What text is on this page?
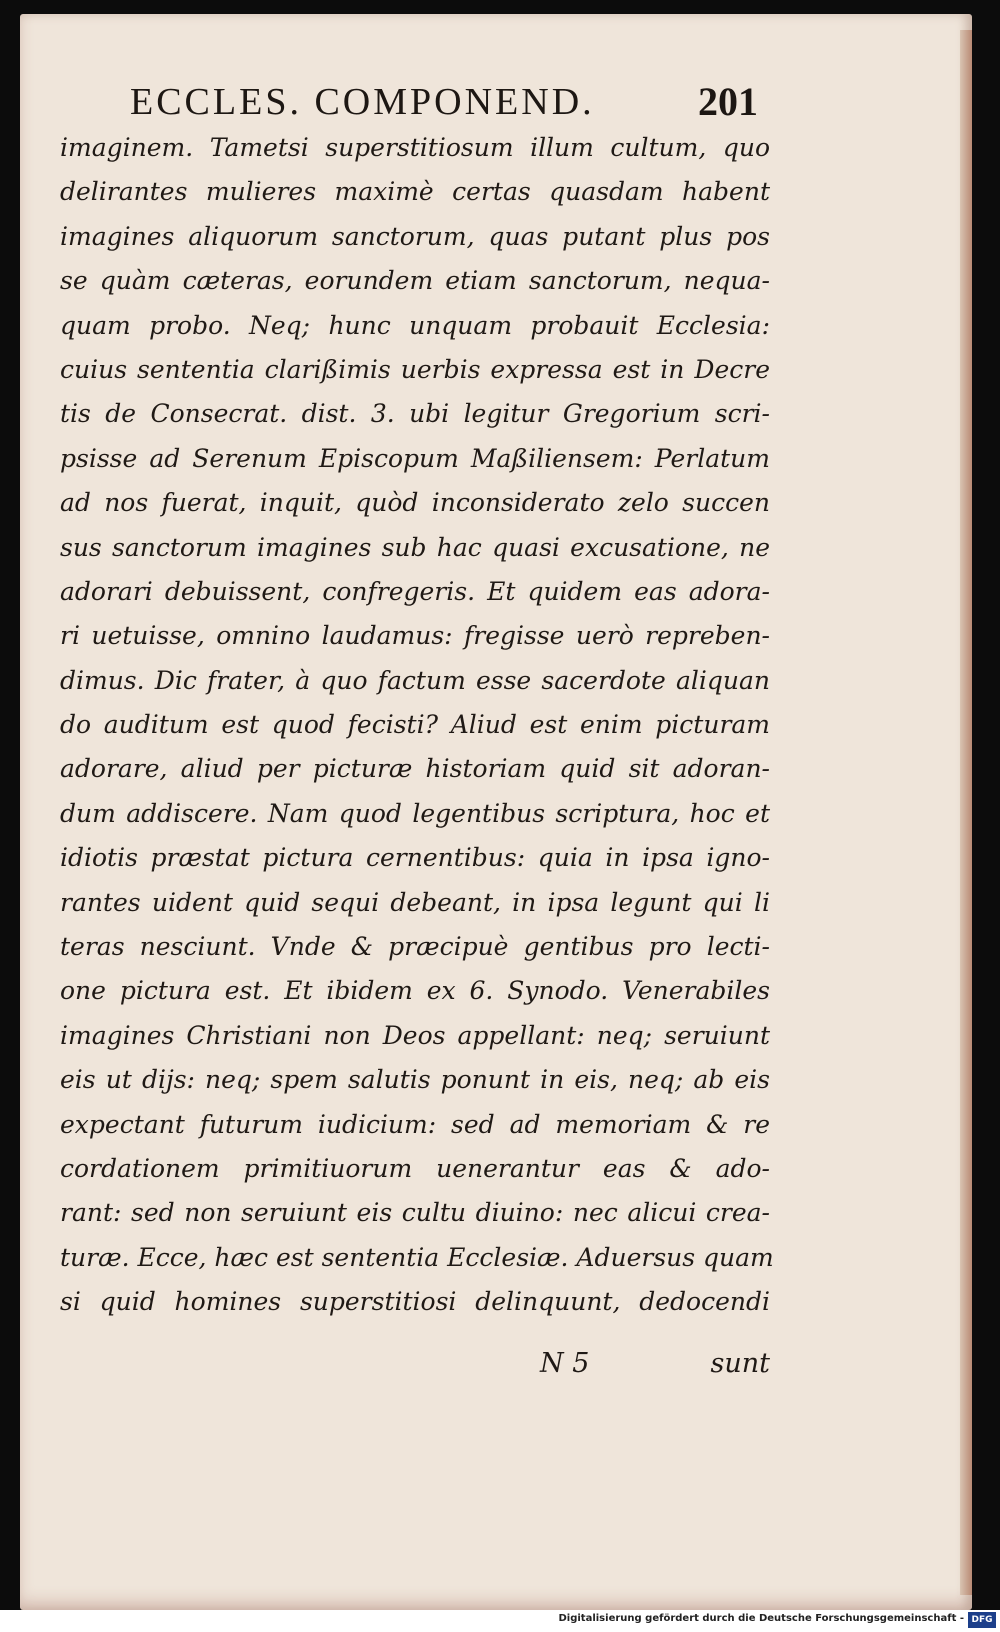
ECCLES. COMPONEND.	201
imaginem. Tametsi superstitiosum illum cultum, quo
delirantes mulieres maximè certas quasdam habent
imagines aliquorum sanctorum, quas putant plus pos
se quàm cæteras, eorundem etiam sanctorum, nequa-
quam probo. Neq; hunc unquam probauit Ecclesia:
cuius sententia clarißimis uerbis expressa est in Decre
tis de Consecrat. dist. 3. ubi legitur Gregorium scri-
psisse ad Serenum Episcopum Maßiliensem: Perlatum
ad nos fuerat, inquit, quòd inconsiderato zelo succen
sus sanctorum imagines sub hac quasi excusatione, ne
adorari debuissent, confregeris. Et quidem eas adora-
ri uetuisse, omnino laudamus: fregisse uerò repreben-
dimus. Dic frater, à quo factum esse sacerdote aliquan
do auditum est quod fecisti? Aliud est enim picturam
adorare, aliud per picturæ historiam quid sit adoran-
dum addiscere. Nam quod legentibus scriptura, hoc et
idiotis præstat pictura cernentibus: quia in ipsa igno-
rantes uident quid sequi debeant, in ipsa legunt qui li
teras nesciunt. Vnde & præcipuè gentibus pro lecti-
one pictura est. Et ibidem ex 6. Synodo. Venerabiles
imagines Christiani non Deos appellant: neq; seruiunt
eis ut dijs: neq; spem salutis ponunt in eis, neq; ab eis
expectant futurum iudicium: sed ad memoriam & re
cordationem primitiuorum uenerantur eas & ado-
rant: sed non seruiunt eis cultu diuino: nec alicui crea-
turæ. Ecce, hæc est sententia Ecclesiæ. Aduersus quam
si quid homines superstitiosi delinquunt, dedocendi
N 5	sunt
Digitalisierung gefördert durch die Deutsche Forschungsgemeinschaft - DFG
